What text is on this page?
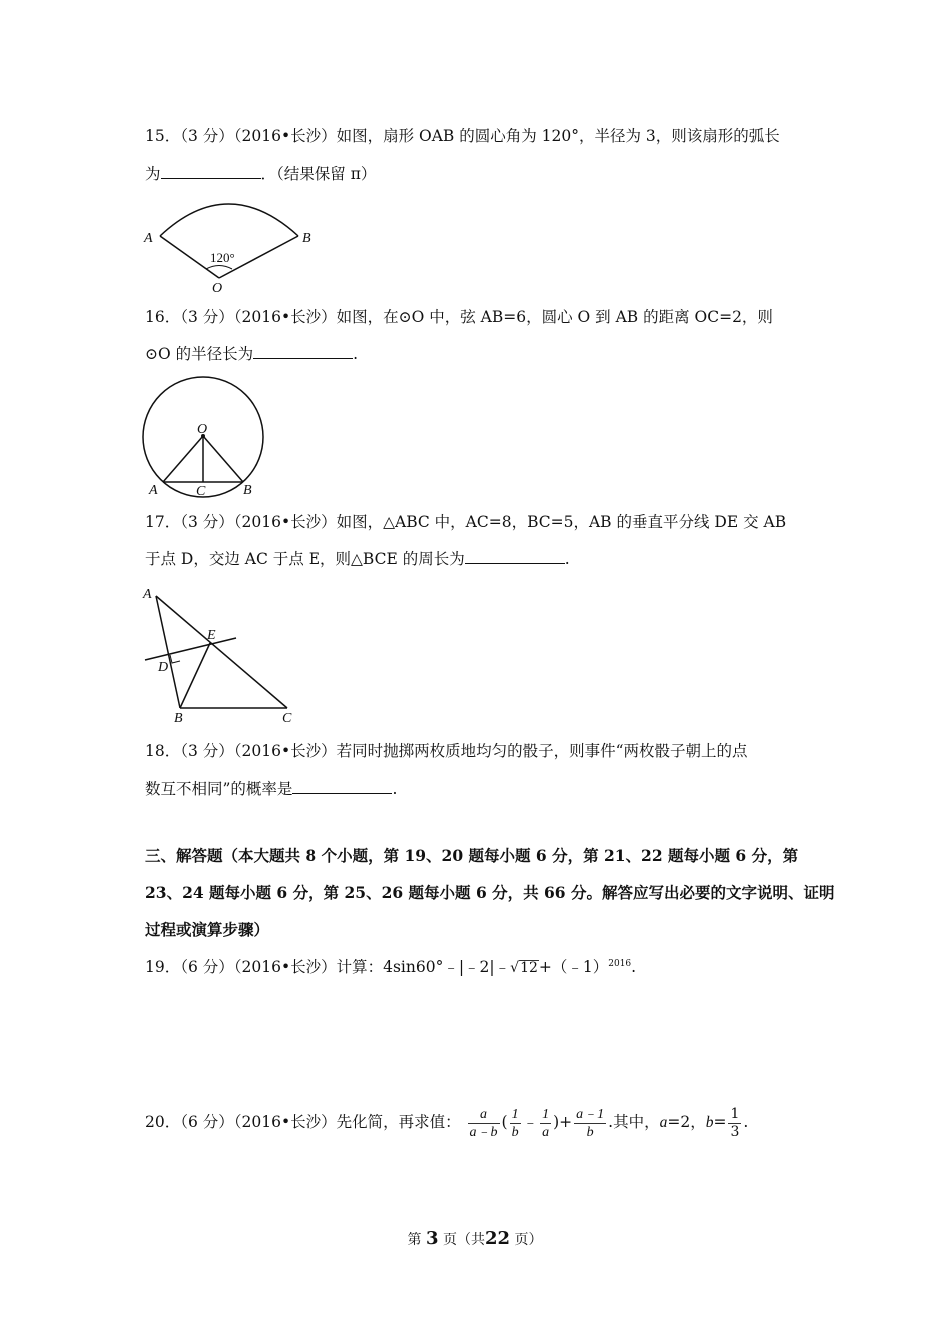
15．（3 分）（2016•长沙）如图，扇形 OAB 的圆心角为 120°，半径为 3，则该扇形的弧长
为	．（结果保留 π）
A	B
O
120°
16．（3 分）（2016•长沙）如图，在⊙O 中，弦 AB=6，圆心 O 到 AB 的距离 OC=2，则
⊙O 的半径长为	.
O
A	C	B
17．（3 分）（2016•长沙）如图，△ABC 中，AC=8，BC=5，AB 的垂直平分线 DE 交 AB
于点 D，交边 AC 于点 E，则△BCE 的周长为	.
A
E
D
B	C
18．（3 分）（2016•长沙）若同时抛掷两枚质地均匀的骰子，则事件“两枚骰子朝上的点
数互不相同”的概率是	.
三、解答题（本大题共 8 个小题，第 19、20 题每小题 6 分，第 21、22 题每小题 6 分，第
23、24 题每小题 6 分，第 25、26 题每小题 6 分，共 66 分。解答应写出必要的文字说明、证明
过程或演算步骤）
19．（6 分）（2016•长沙）计算：4sin60°﹣|﹣2|﹣√12+（﹣1）$^{2016}$.
20．（6 分）（2016•长沙）先化简，再求值： $\frac{a}{a﹣b}$ ( $\frac{1}{b}$ ﹣ $\frac{1}{a}$ )+ $\frac{a﹣1}{b}$ .其中，a=2，$b= \frac{1}{3}$ .
第 3 页（共22 页）
